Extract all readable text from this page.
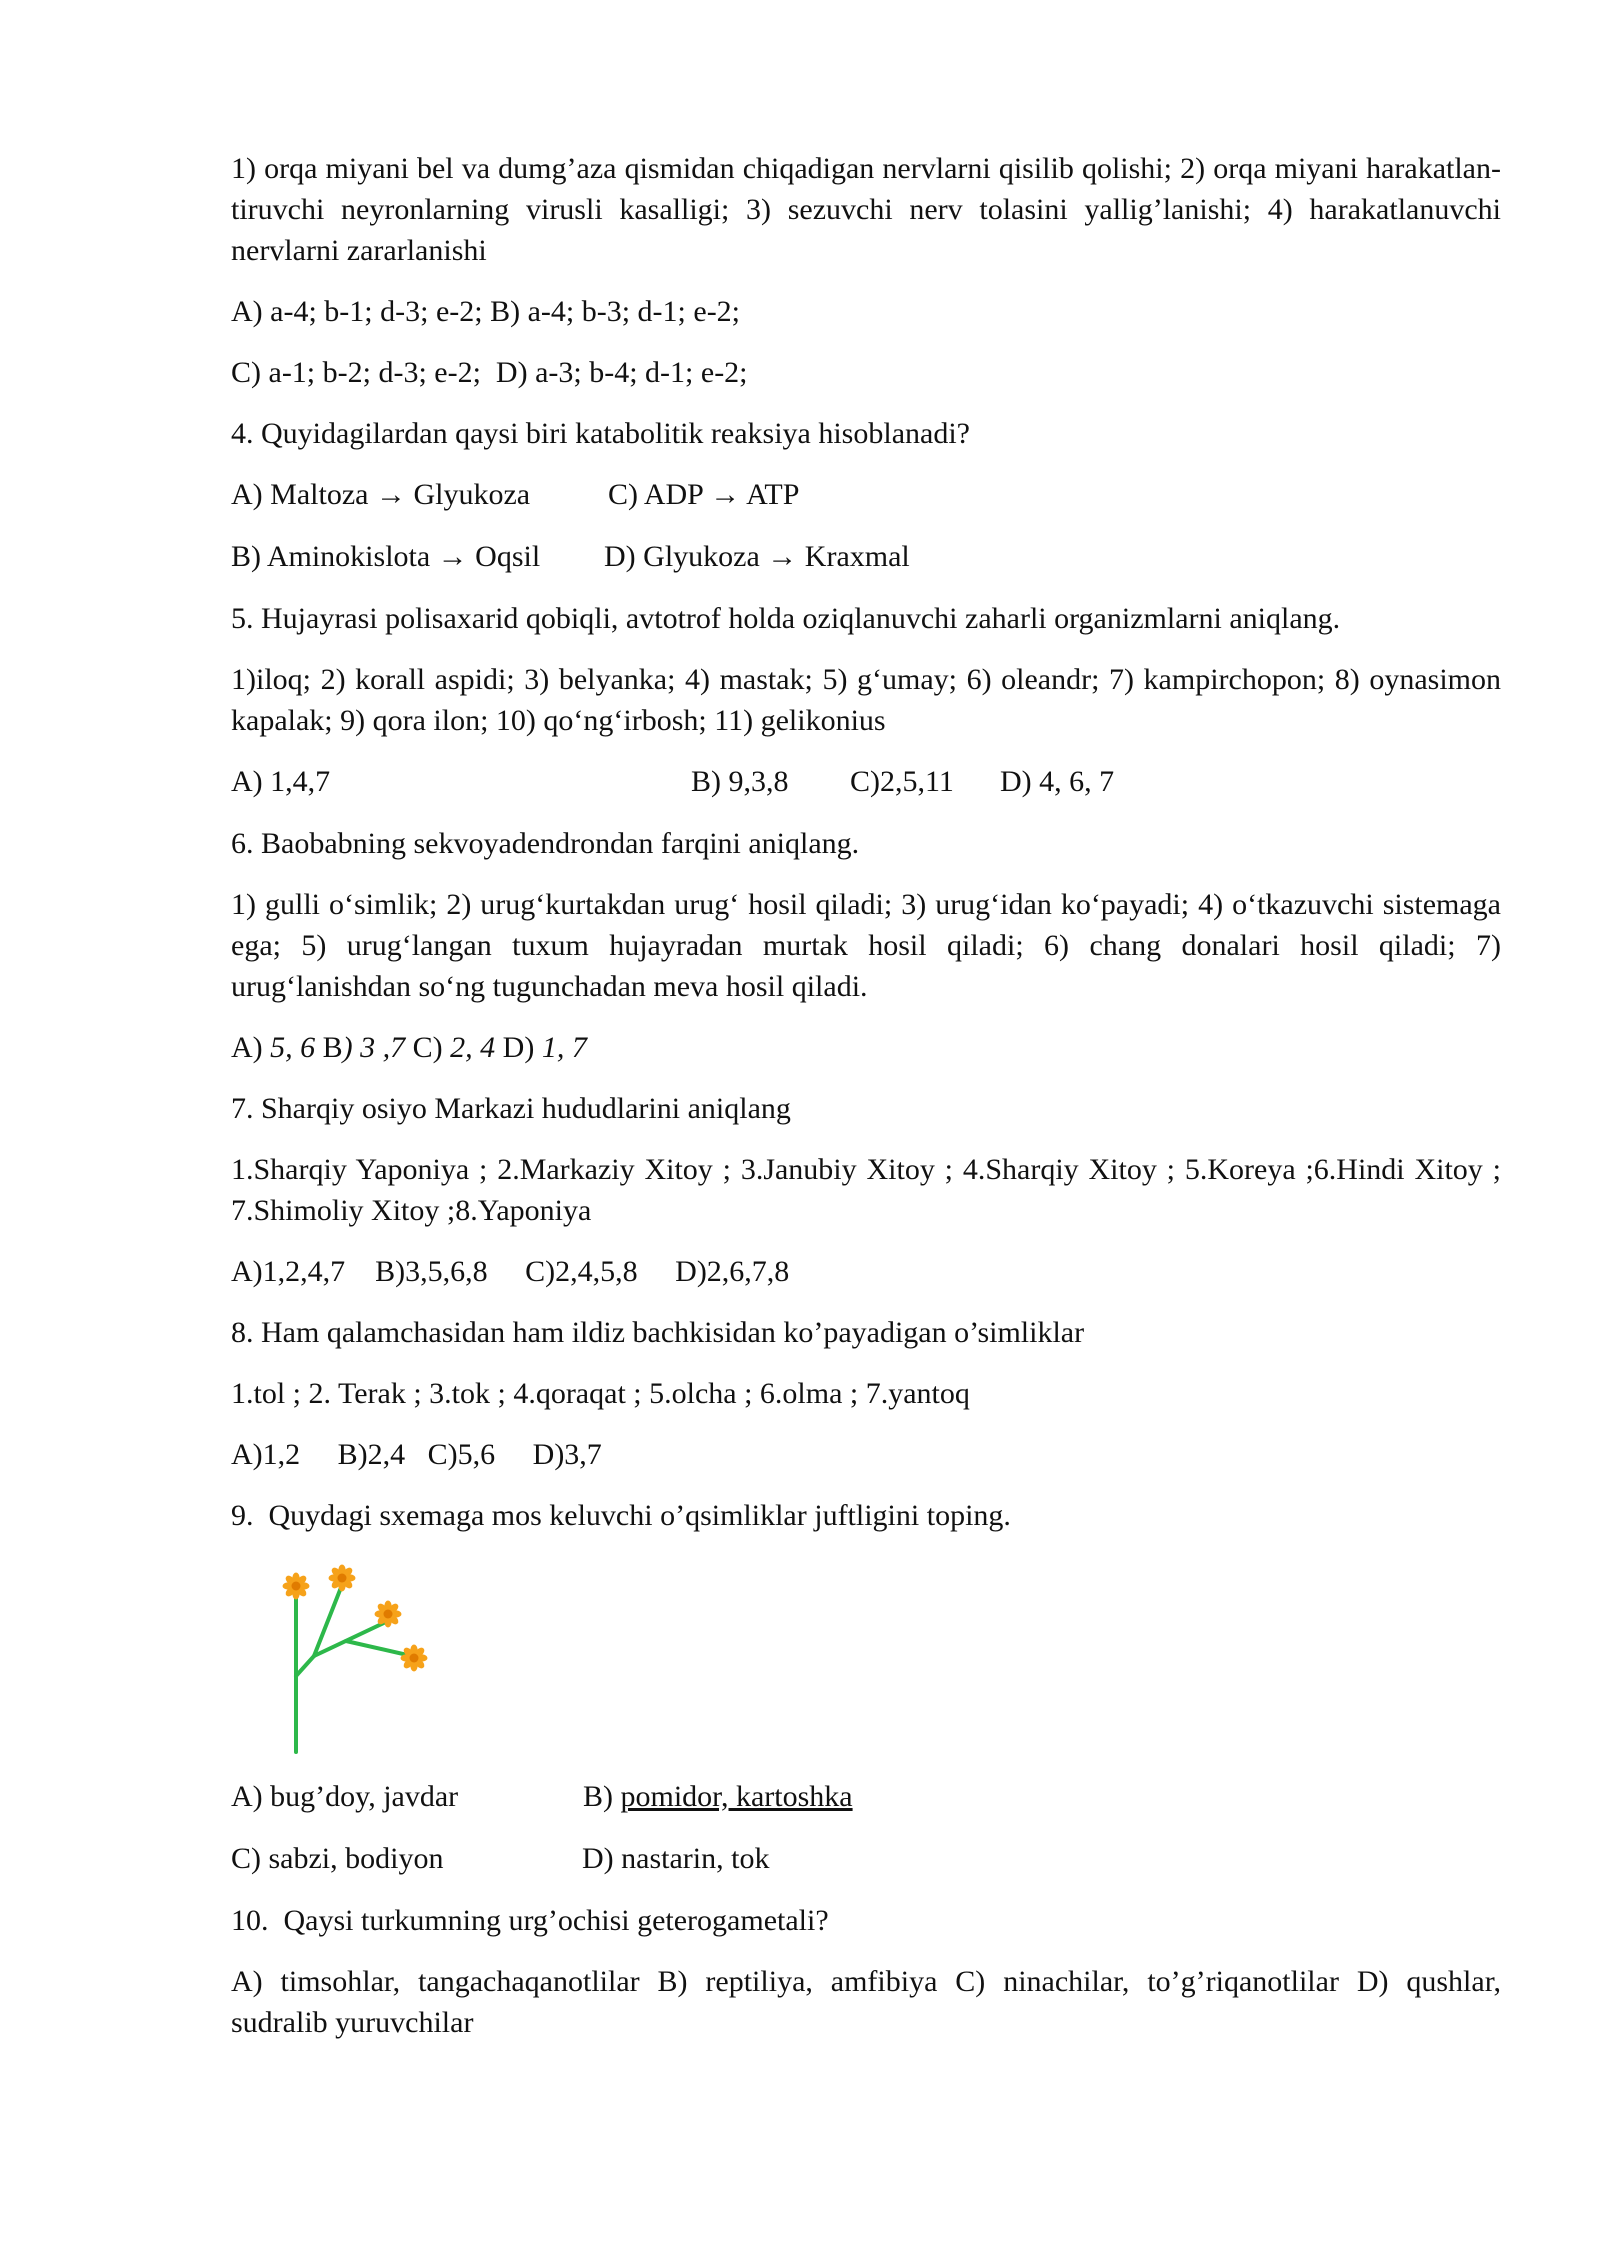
1) orqa miyani bel va dumg’aza qismidan chiqadigan nervlarni qisilib qolishi; 2) orqa miyani harakatlan-tiruvchi neyronlarning virusli kasalligi; 3) sezuvchi nerv tolasini yallig’lanishi; 4) harakatlanuvchi nervlarni zararlanishi

A) a-4; b-1; d-3; e-2; B) a-4; b-3; d-1; e-2;
C) a-1; b-2; d-3; e-2;  D) a-3; b-4; d-1; e-2;
4. Quyidagilardan qaysi biri katabolitik reaksiya hisoblanadi?

A) Maltoza → Glyukoza

	C) ADP → ATP

B) Aminokislota → Oqsil

D) Glyukoza → Kraxmal

5. Hujayrasi polisaxarid qobiqli, avtotrof holda oziqlanuvchi zaharli organizmlarni aniqlang.

1)iloq; 2) korall aspidi; 3) belyanka; 4) mastak; 5) g‘umay; 6) oleandr; 7) kampirchopon; 8) oynasimon kapalak; 9) qora ilon; 10) qo‘ng‘irbosh; 11) gelikonius

A) 1,4,7

	B) 9,3,8

C)2,5,11

D) 4, 6, 7

6. Baobabning sekvoyadendrondan farqini aniqlang.

1) gulli o‘simlik; 2) urug‘kurtakdan urug‘ hosil qiladi; 3) urug‘idan ko‘payadi; 4) o‘tkazuvchi sistemaga ega; 5) urug‘langan tuxum hujayradan murtak hosil qiladi; 6) chang donalari hosil qiladi; 7) urug‘lanishdan so‘ng tugunchadan meva hosil qiladi.

A) 5, 6 B) 3 ,7 C) 2, 4 D) 1, 7
7. Sharqiy osiyo Markazi hududlarini aniqlang

1.Sharqiy Yaponiya ; 2.Markaziy Xitoy ; 3.Janubiy Xitoy ; 4.Sharqiy Xitoy ; 5.Koreya ;6.Hindi Xitoy ; 7.Shimoliy Xitoy ;8.Yaponiya

A)1,2,4,7    B)3,5,6,8     C)2,4,5,8     D)2,6,7,8
8. Ham qalamchasidan ham ildiz bachkisidan ko’payadigan o’simliklar
1.tol ; 2. Terak ; 3.tok ; 4.qoraqat ; 5.olcha ; 6.olma ; 7.yantoq
A)1,2     B)2,4   C)5,6     D)3,7
9.  Quydagi sxemaga mos keluvchi o’qsimliklar juftligini toping.

A) bug’doy, javdar

	B) pomidor, kartoshka

C) sabzi, bodiyon

	D) nastarin, tok

10.  Qaysi turkumning urg’ochisi geterogametali?

A) timsohlar, tangachaqanotlilar B) reptiliya, amfibiya C) ninachilar, to’g’riqanotlilar D) qushlar, sudralib yuruvchilar
